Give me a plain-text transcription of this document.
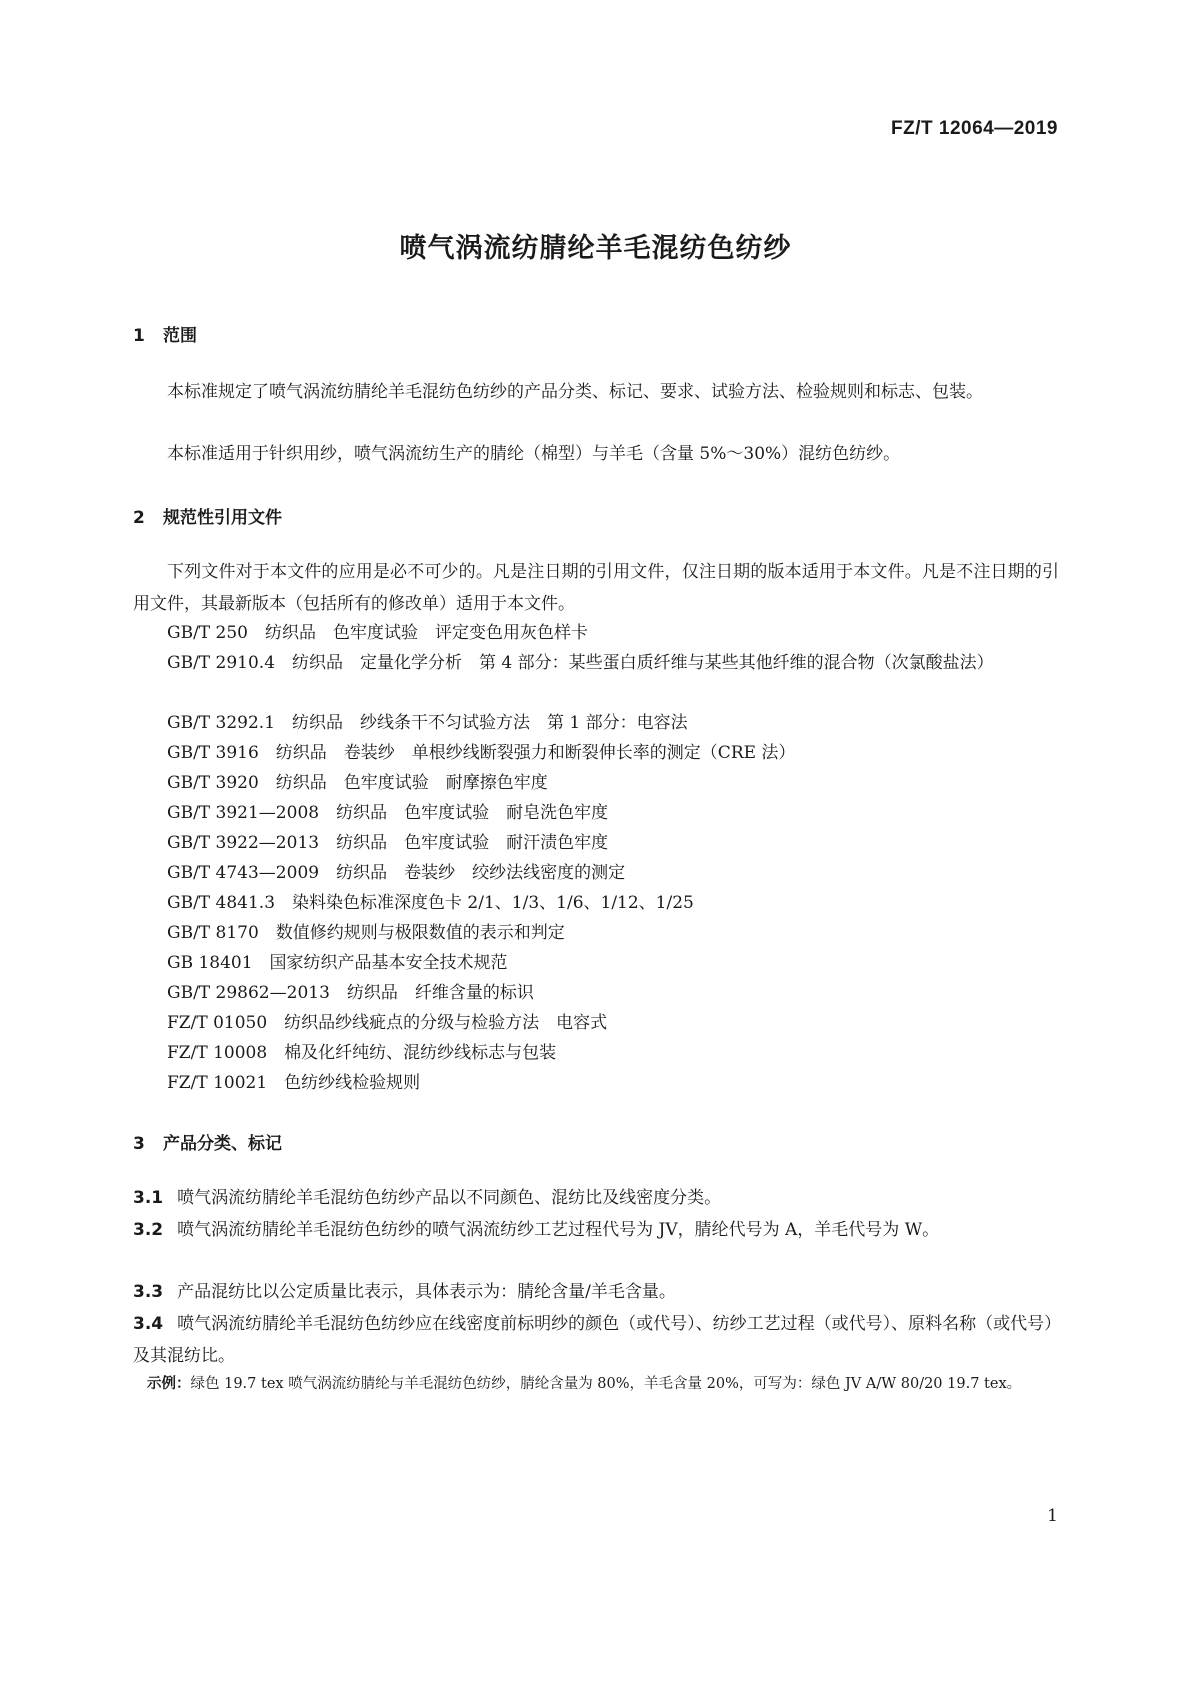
FZ/T 12064—2019
喷气涡流纺腈纶羊毛混纺色纺纱
1 范围
本标准规定了喷气涡流纺腈纶羊毛混纺色纺纱的产品分类、标记、要求、试验方法、检验规则和标志、包装。
本标准适用于针织用纱，喷气涡流纺生产的腈纶（棉型）与羊毛（含量 5%～30%）混纺色纺纱。
2 规范性引用文件
下列文件对于本文件的应用是必不可少的。凡是注日期的引用文件，仅注日期的版本适用于本文件。凡是不注日期的引用文件，其最新版本（包括所有的修改单）适用于本文件。
GB/T 250　纺织品　色牢度试验　评定变色用灰色样卡
GB/T 2910.4　纺织品　定量化学分析　第 4 部分：某些蛋白质纤维与某些其他纤维的混合物（次氯酸盐法）
GB/T 3292.1　纺织品　纱线条干不匀试验方法　第 1 部分：电容法
GB/T 3916　纺织品　卷装纱　单根纱线断裂强力和断裂伸长率的测定（CRE 法）
GB/T 3920　纺织品　色牢度试验　耐摩擦色牢度
GB/T 3921—2008　纺织品　色牢度试验　耐皂洗色牢度
GB/T 3922—2013　纺织品　色牢度试验　耐汗渍色牢度
GB/T 4743—2009　纺织品　卷装纱　绞纱法线密度的测定
GB/T 4841.3　染料染色标准深度色卡 2/1、1/3、1/6、1/12、1/25
GB/T 8170　数值修约规则与极限数值的表示和判定
GB 18401　国家纺织产品基本安全技术规范
GB/T 29862—2013　纺织品　纤维含量的标识
FZ/T 01050　纺织品纱线疵点的分级与检验方法　电容式
FZ/T 10008　棉及化纤纯纺、混纺纱线标志与包装
FZ/T 10021　色纺纱线检验规则
3 产品分类、标记
3.1 喷气涡流纺腈纶羊毛混纺色纺纱产品以不同颜色、混纺比及线密度分类。
3.2 喷气涡流纺腈纶羊毛混纺色纺纱的喷气涡流纺纱工艺过程代号为 JV，腈纶代号为 A，羊毛代号为 W。
3.3 产品混纺比以公定质量比表示，具体表示为：腈纶含量/羊毛含量。
3.4 喷气涡流纺腈纶羊毛混纺色纺纱应在线密度前标明纱的颜色（或代号）、纺纱工艺过程（或代号）、原料名称（或代号）及其混纺比。
示例：绿色 19.7 tex 喷气涡流纺腈纶与羊毛混纺色纺纱，腈纶含量为 80%，羊毛含量 20%，可写为：绿色 JV A/W 80/20 19.7 tex。
1
